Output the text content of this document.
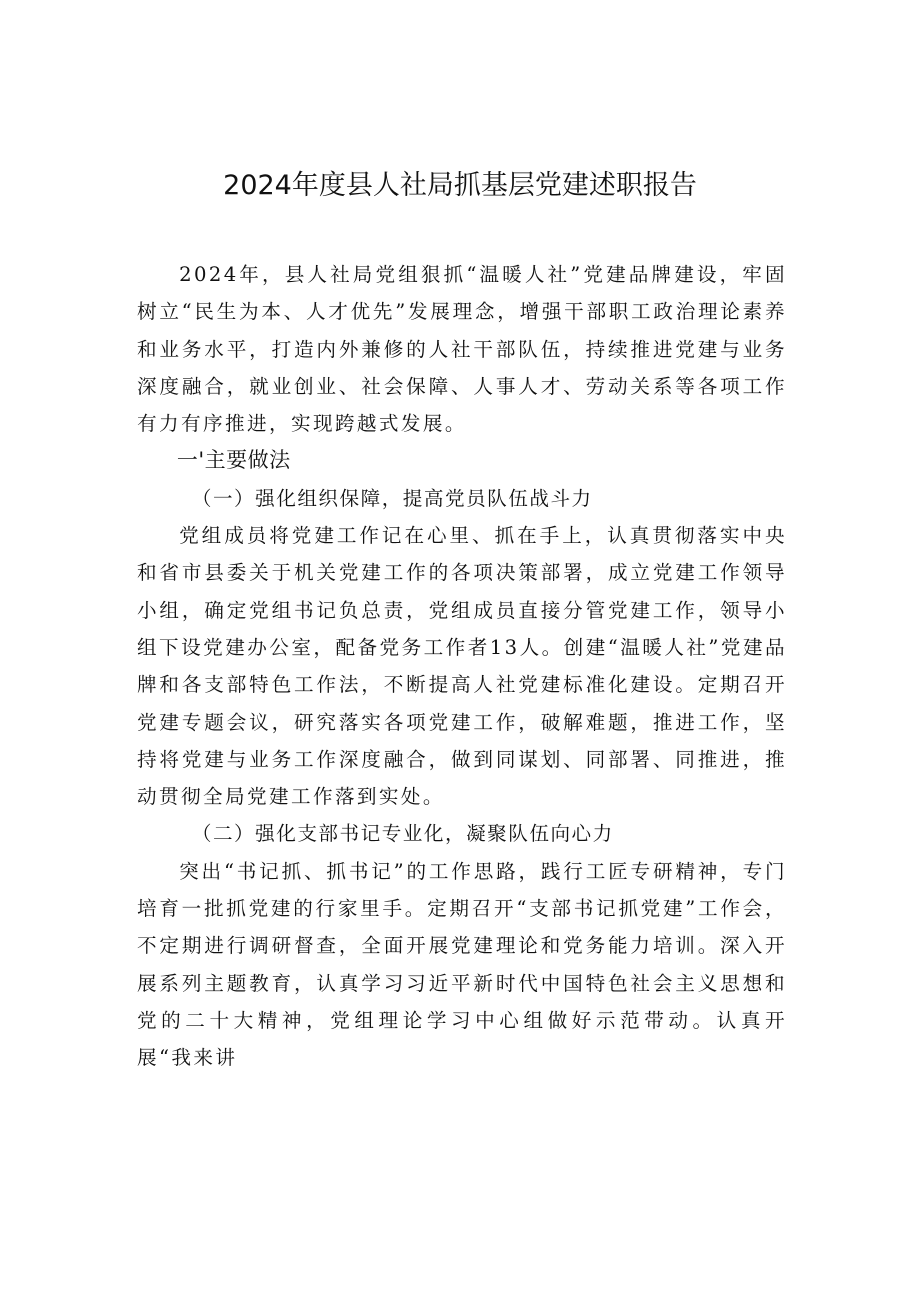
2024年度县人社局抓基层党建述职报告

2024年，县人社局党组狠抓“温暖人社”党建品牌建设，牢固树立“民生为本、人才优先”发展理念，增强干部职工政治理论素养和业务水平，打造内外兼修的人社干部队伍，持续推进党建与业务深度融合，就业创业、社会保障、人事人才、劳动关系等各项工作有力有序推进，实现跨越式发展。

一'主要做法

（一）强化组织保障，提高党员队伍战斗力

党组成员将党建工作记在心里、抓在手上，认真贯彻落实中央和省市县委关于机关党建工作的各项决策部署，成立党建工作领导小组，确定党组书记负总责，党组成员直接分管党建工作，领导小组下设党建办公室，配备党务工作者13人。创建“温暖人社”党建品牌和各支部特色工作法，不断提高人社党建标准化建设。定期召开党建专题会议，研究落实各项党建工作，破解难题，推进工作，坚持将党建与业务工作深度融合，做到同谋划、同部署、同推进，推动贯彻全局党建工作落到实处。

（二）强化支部书记专业化，凝聚队伍向心力

突出“书记抓、抓书记”的工作思路，践行工匠专研精神，专门培育一批抓党建的行家里手。定期召开“支部书记抓党建”工作会，不定期进行调研督查，全面开展党建理论和党务能力培训。深入开展系列主题教育，认真学习习近平新时代中国特色社会主义思想和党的二十大精神，党组理论学习中心组做好示范带动。认真开展“我来讲
